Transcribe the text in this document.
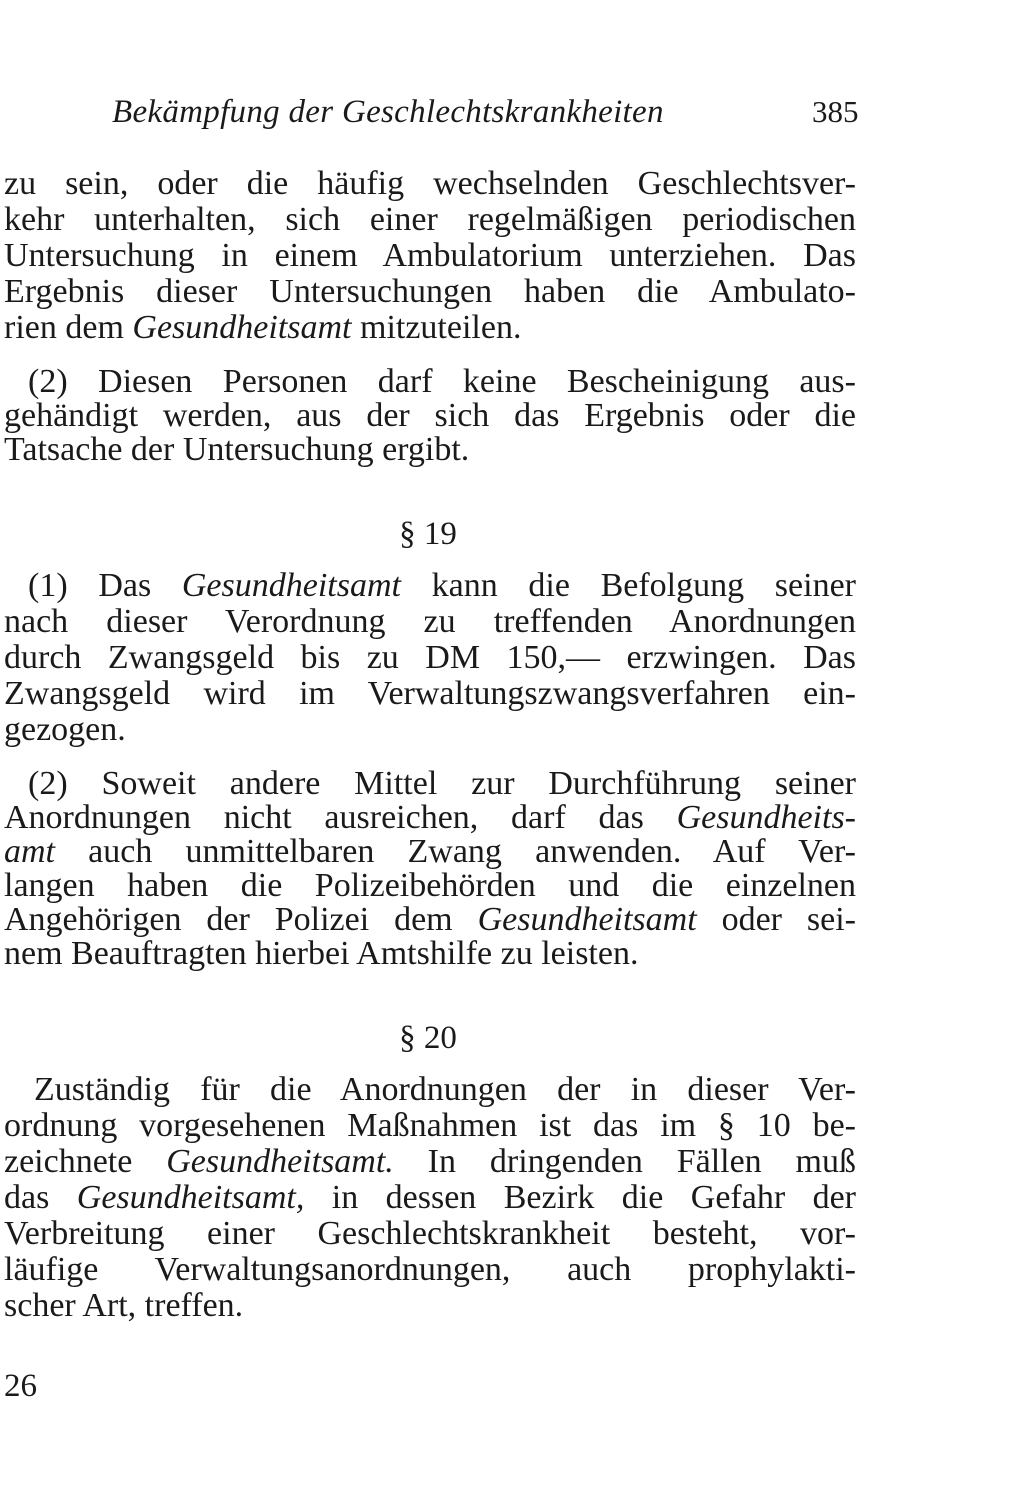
Bekämpfung der Geschlechtskrankheiten	385
zu sein, oder die häufig wechselnden Geschlechtsver-
kehr unterhalten, sich einer regelmäßigen periodischen
Untersuchung in einem Ambulatorium unterziehen. Das
Ergebnis dieser Untersuchungen haben die Ambulato-
rien dem Gesundheitsamt mitzuteilen.
(2) Diesen Personen darf keine Bescheinigung aus-
gehändigt werden, aus der sich das Ergebnis oder die
Tatsache der Untersuchung ergibt.
§ 19
(1) Das Gesundheitsamt kann die Befolgung seiner
nach dieser Verordnung zu treffenden Anordnungen
durch Zwangsgeld bis zu DM 150,— erzwingen. Das
Zwangsgeld wird im Verwaltungszwangsverfahren ein-
gezogen.
(2) Soweit andere Mittel zur Durchführung seiner
Anordnungen nicht ausreichen, darf das Gesundheits-
amt auch unmittelbaren Zwang anwenden. Auf Ver-
langen haben die Polizeibehörden und die einzelnen
Angehörigen der Polizei dem Gesundheitsamt oder sei-
nem Beauftragten hierbei Amtshilfe zu leisten.
§ 20
Zuständig für die Anordnungen der in dieser Ver-
ordnung vorgesehenen Maßnahmen ist das im § 10 be-
zeichnete Gesundheitsamt. In dringenden Fällen muß
das Gesundheitsamt, in dessen Bezirk die Gefahr der
Verbreitung einer Geschlechtskrankheit besteht, vor-
läufige Verwaltungsanordnungen, auch prophylakti-
scher Art, treffen.
26
